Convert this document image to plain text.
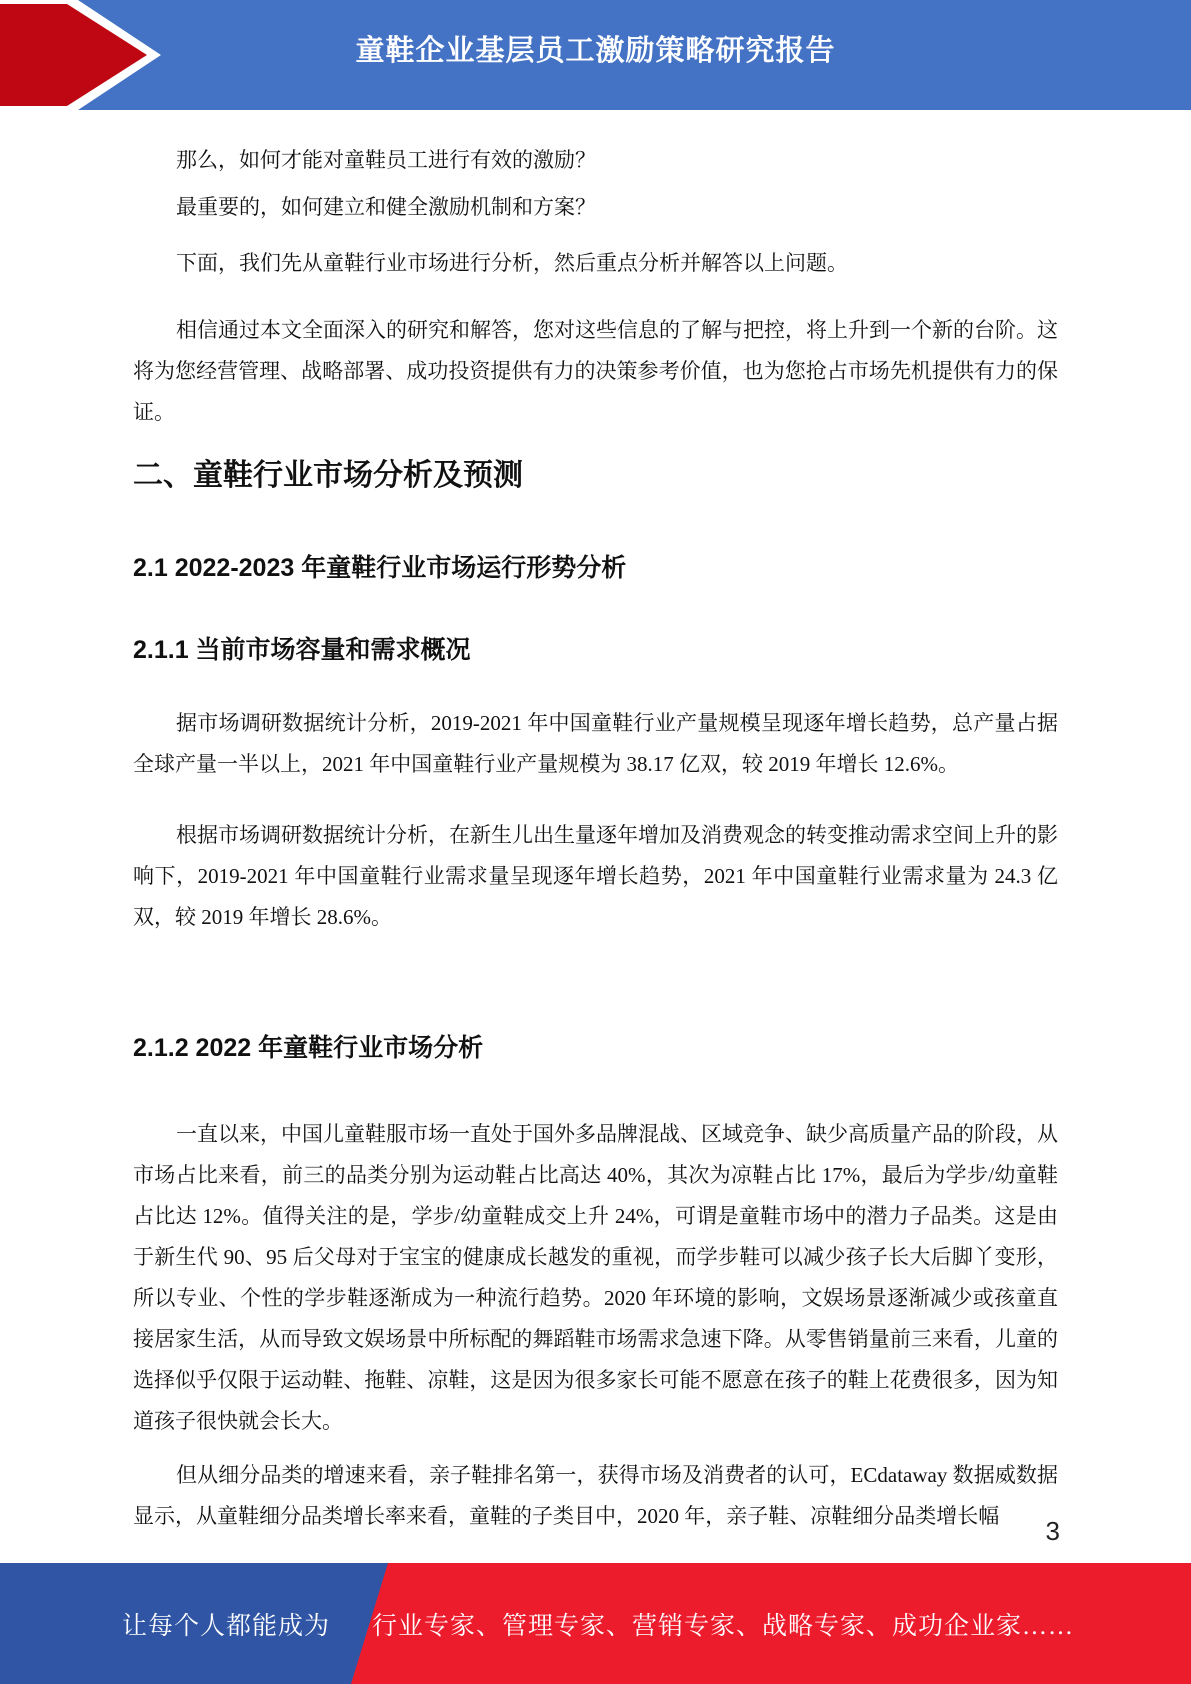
童鞋企业基层员工激励策略研究报告

那么，如何才能对童鞋员工进行有效的激励？

最重要的，如何建立和健全激励机制和方案？

下面，我们先从童鞋行业市场进行分析，然后重点分析并解答以上问题。

相信通过本文全面深入的研究和解答，您对这些信息的了解与把控，将上升到一个新的台阶。这将为您经营管理、战略部署、成功投资提供有力的决策参考价值，也为您抢占市场先机提供有力的保证。

二、童鞋行业市场分析及预测
2.1 2022-2023 年童鞋行业市场运行形势分析
2.1.1 当前市场容量和需求概况

据市场调研数据统计分析，2019-2021 年中国童鞋行业产量规模呈现逐年增长趋势，总产量占据全球产量一半以上，2021 年中国童鞋行业产量规模为 38.17 亿双，较 2019 年增长 12.6%。

根据市场调研数据统计分析，在新生儿出生量逐年增加及消费观念的转变推动需求空间上升的影响下，2019-2021 年中国童鞋行业需求量呈现逐年增长趋势，2021 年中国童鞋行业需求量为 24.3 亿双，较 2019 年增长 28.6%。

2.1.2 2022 年童鞋行业市场分析

一直以来，中国儿童鞋服市场一直处于国外多品牌混战、区域竞争、缺少高质量产品的阶段，从市场占比来看，前三的品类分别为运动鞋占比高达 40%，其次为凉鞋占比 17%，最后为学步/幼童鞋占比达 12%。值得关注的是，学步/幼童鞋成交上升 24%，可谓是童鞋市场中的潜力子品类。这是由于新生代 90、95 后父母对于宝宝的健康成长越发的重视，而学步鞋可以减少孩子长大后脚丫变形，所以专业、个性的学步鞋逐渐成为一种流行趋势。2020 年环境的影响，文娱场景逐渐减少或孩童直接居家生活，从而导致文娱场景中所标配的舞蹈鞋市场需求急速下降。从零售销量前三来看，儿童的选择似乎仅限于运动鞋、拖鞋、凉鞋，这是因为很多家长可能不愿意在孩子的鞋上花费很多，因为知道孩子很快就会长大。

但从细分品类的增速来看，亲子鞋排名第一，获得市场及消费者的认可，ECdataway 数据威数据显示，从童鞋细分品类增长率来看，童鞋的子类目中，2020 年，亲子鞋、凉鞋细分品类增长幅	3
让每个人都能成为 行业专家、管理专家、营销专家、战略专家、成功企业家……
